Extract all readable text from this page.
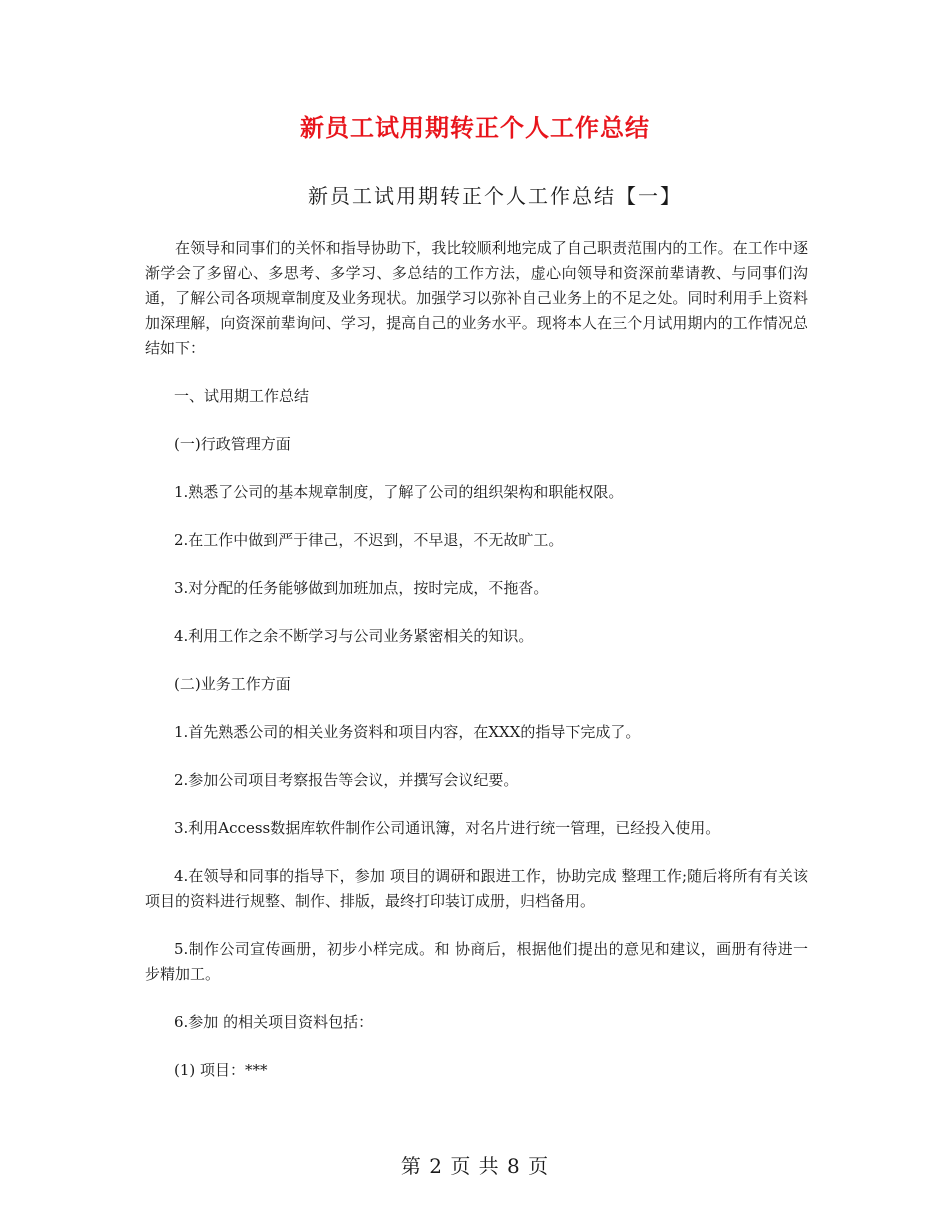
新员工试用期转正个人工作总结
新员工试用期转正个人工作总结【一】

在领导和同事们的关怀和指导协助下，我比较顺利地完成了自己职责范围内的工作。在工作中逐渐学会了多留心、多思考、多学习、多总结的工作方法，虚心向领导和资深前辈请教、与同事们沟通，了解公司各项规章制度及业务现状。加强学习以弥补自己业务上的不足之处。同时利用手上资料加深理解，向资深前辈询问、学习，提高自己的业务水平。现将本人在三个月试用期内的工作情况总结如下：

一、试用期工作总结

(一)行政管理方面

1.熟悉了公司的基本规章制度，了解了公司的组织架构和职能权限。

2.在工作中做到严于律己，不迟到，不早退，不无故旷工。

3.对分配的任务能够做到加班加点，按时完成，不拖沓。

4.利用工作之余不断学习与公司业务紧密相关的知识。

(二)业务工作方面

1.首先熟悉公司的相关业务资料和项目内容，在XXX的指导下完成了。

2.参加公司项目考察报告等会议，并撰写会议纪要。

3.利用Access数据库软件制作公司通讯簿，对名片进行统一管理，已经投入使用。

4.在领导和同事的指导下，参加 项目的调研和跟进工作，协助完成 整理工作;随后将所有有关该项目的资料进行规整、制作、排版，最终打印装订成册，归档备用。

5.制作公司宣传画册，初步小样完成。和 协商后，根据他们提出的意见和建议，画册有待进一步精加工。

6.参加 的相关项目资料包括：

(1) 项目：***

第 2 页 共 8 页
